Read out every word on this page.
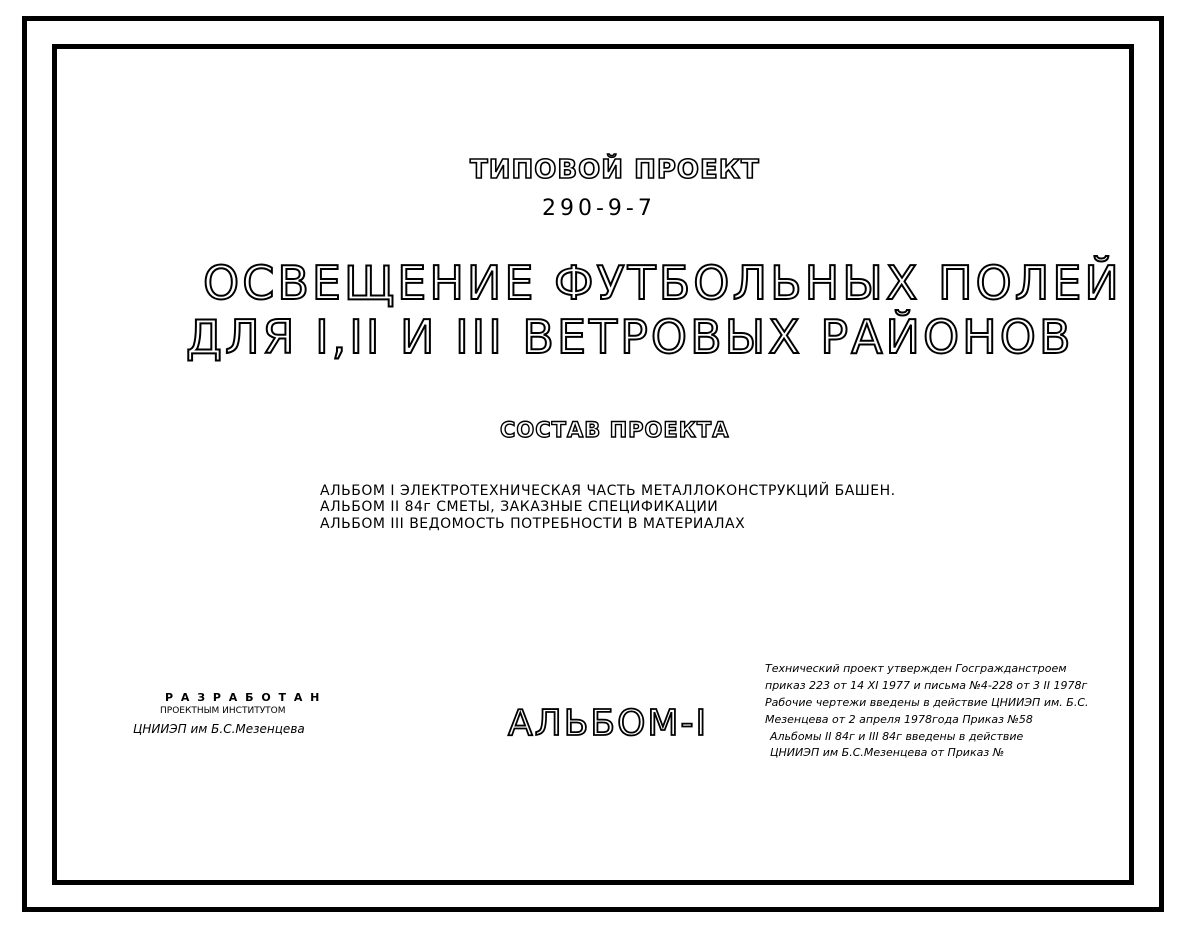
ТИПОВОЙ ПРОЕКТ
290-9-7
ОСВЕЩЕНИЕ ФУТБОЛЬНЫХ ПОЛЕЙ
ДЛЯ I,II И III ВЕТРОВЫХ РАЙОНОВ
СОСТАВ ПРОЕКТА
АЛЬБОМ I ЭЛЕКТРОТЕХНИЧЕСКАЯ ЧАСТЬ МЕТАЛЛОКОНСТРУКЦИЙ БАШЕН.
АЛЬБОМ II 84г СМЕТЫ, ЗАКАЗНЫЕ СПЕЦИФИКАЦИИ
АЛЬБОМ III ВЕДОМОСТЬ ПОТРЕБНОСТИ В МАТЕРИАЛАХ
Р А З Р А Б О Т А Н
ПРОЕКТНЫМ ИНСТИТУТОМ
ЦНИИЭП им Б.С.Мезенцева	АЛЬБОМ-I
Технический проект утвержден Госгражданстроем
приказ 223 от 14 XI 1977 и письма №4-228 от 3 II 1978г
Рабочие чертежи введены в действие ЦНИИЭП им. Б.С.
Мезенцева от 2 апреля 1978года Приказ №58
Альбомы II 84г и III 84г введены в действие
ЦНИИЭП им Б.С.Мезенцева от Приказ №
